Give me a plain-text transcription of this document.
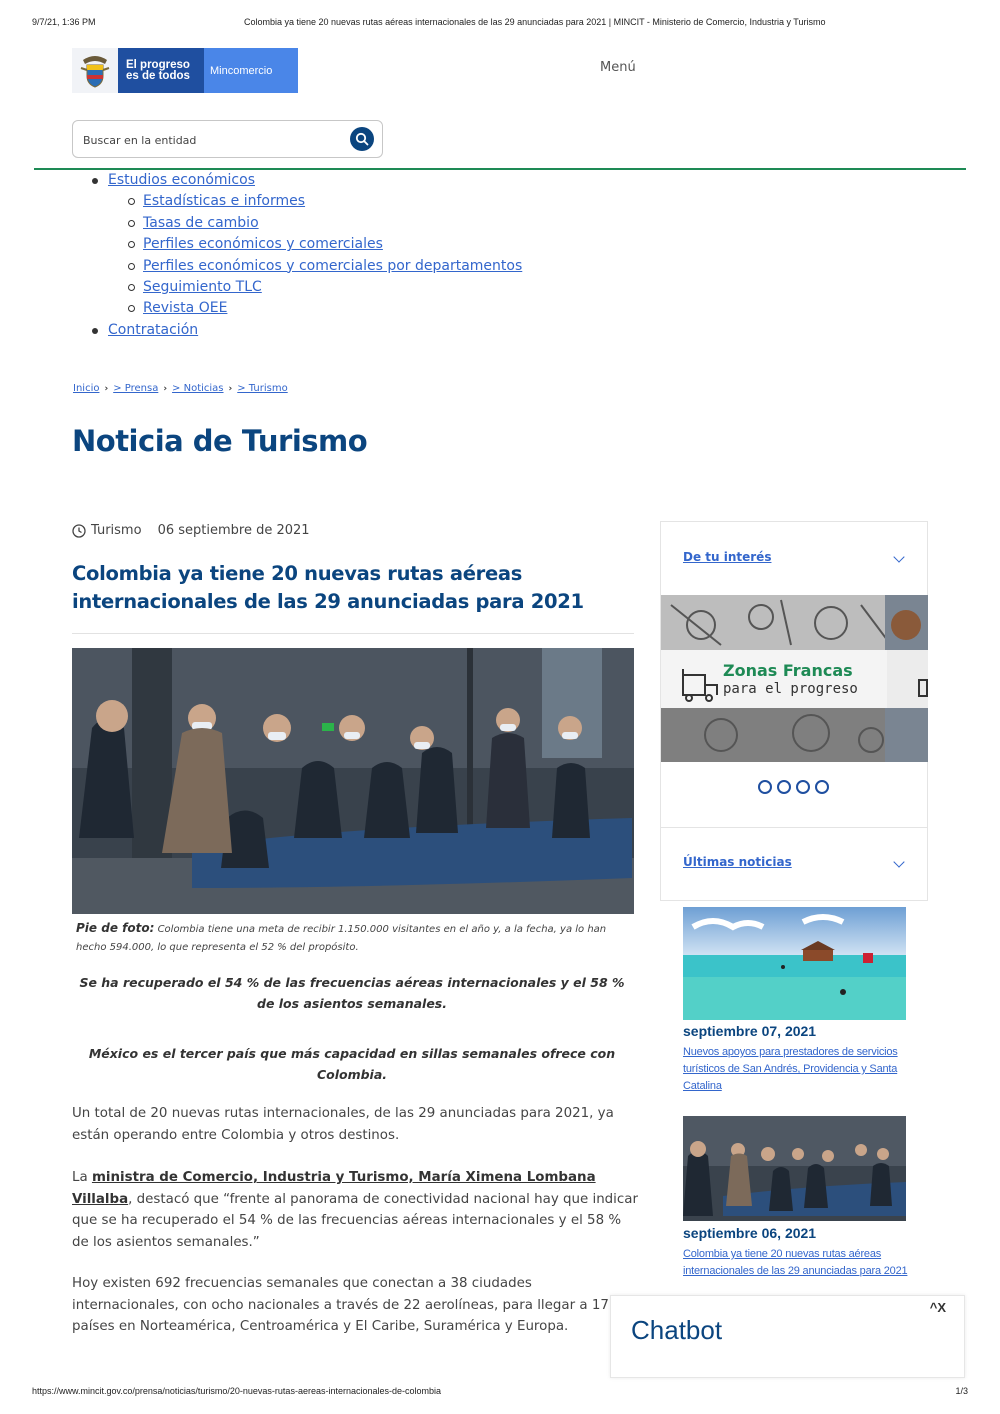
9/7/21, 1:36 PM	Colombia ya tiene 20 nuevas rutas aéreas internacionales de las 29 anunciadas para 2021 | MINCIT - Ministerio de Comercio, Industria y Turismo
El progreso
es de todos	Mincomercio	Menú
Buscar en la entidad
Estudios económicos
Estadísticas e informes
Tasas de cambio
Perfiles económicos y comerciales
Perfiles económicos y comerciales por departamentos
Seguimiento TLC
Revista OEE
Contratación
Inicio › > Prensa › > Noticias › > Turismo
Noticia de Turismo
Turismo 06 septiembre de 2021
Colombia ya tiene 20 nuevas rutas aéreas internacionales de las 29 anunciadas para 2021
Pie de foto: Colombia tiene una meta de recibir 1.150.000 visitantes en el año y, a la fecha, ya lo han hecho 594.000, lo que representa el 52 % del propósito.

Se ha recuperado el 54 % de las frecuencias aéreas internacionales y el 58 % de los asientos semanales.

México es el tercer país que más capacidad en sillas semanales ofrece con Colombia.

Un total de 20 nuevas rutas internacionales, de las 29 anunciadas para 2021, ya están operando entre Colombia y otros destinos.

La ministra de Comercio, Industria y Turismo, María Ximena Lombana Villalba, destacó que “frente al panorama de conectividad nacional hay que indicar que se ha recuperado el 54 % de las frecuencias aéreas internacionales y el 58 % de los asientos semanales.”

Hoy existen 692 frecuencias semanales que conectan a 38 ciudades internacionales, con ocho nacionales a través de 22 aerolíneas, para llegar a 17 países en Norteamérica, Centroamérica y El Caribe, Suramérica y Europa.

De tu interés
Zonas Francas
para el progreso
Últimas noticias
septiembre 07, 2021
Nuevos apoyos para prestadores de servicios turísticos de San Andrés, Providencia y Santa Catalina
septiembre 06, 2021
Colombia ya tiene 20 nuevas rutas aéreas internacionales de las 29 anunciadas para 2021
Chatbot
^X
https://www.mincit.gov.co/prensa/noticias/turismo/20-nuevas-rutas-aereas-internacionales-de-colombia	1/3
